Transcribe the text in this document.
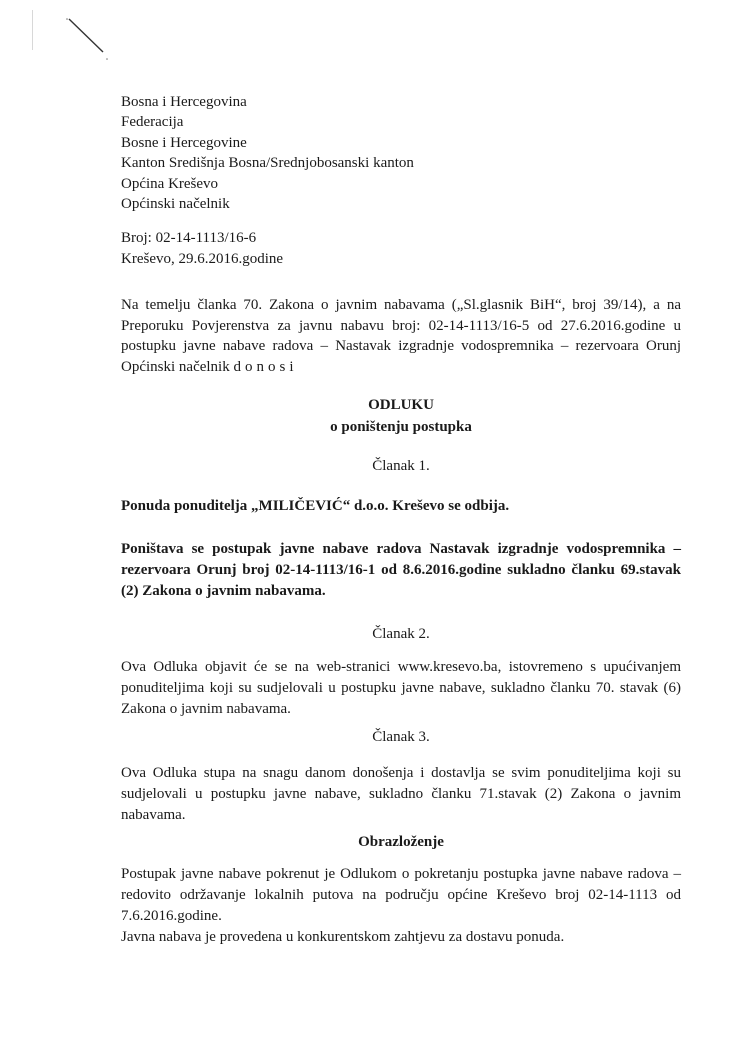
Bosna i Hercegovina
Federacija
Bosne i Hercegovine
Kanton Središnja Bosna/Srednjobosanski kanton
Općina Kreševo
Općinski načelnik
Broj: 02-14-1113/16-6
Kreševo, 29.6.2016.godine
Na temelju članka 70. Zakona o javnim nabavama („Sl.glasnik BiH“, broj 39/14), a na
Preporuku Povjerenstva za javnu nabavu broj: 02-14-1113/16-5 od 27.6.2016.godine u
postupku javne nabave radova – Nastavak izgradnje vodospremnika – rezervoara Orunj
Općinski načelnik donosi
ODLUKU
o poništenju postupka
Članak 1.
Ponuda ponuditelja „MILIČEVIĆ“ d.o.o. Kreševo se odbija.
Poništava se postupak javne nabave radova Nastavak izgradnje vodospremnika –
rezervoara Orunj broj 02-14-1113/16-1 od 8.6.2016.godine sukladno članku 69.stavak
(2) Zakona o javnim nabavama.
Članak 2.
Ova Odluka objavit će se na web-stranici www.kresevo.ba, istovremeno s upućivanjem
ponuditeljima koji su sudjelovali u postupku javne nabave, sukladno članku 70. stavak (6)
Zakona o javnim nabavama.
Članak 3.
Ova Odluka stupa na snagu danom donošenja i dostavlja se svim ponuditeljima koji su
sudjelovali u postupku javne nabave, sukladno članku 71.stavak (2) Zakona o javnim
nabavama.
Obrazloženje
Postupak javne nabave pokrenut je Odlukom o pokretanju postupka javne nabave radova –
redovito održavanje lokalnih putova na području općine Kreševo broj 02-14-1113 od
7.6.2016.godine.
Javna nabava je provedena u konkurentskom zahtjevu za dostavu ponuda.
